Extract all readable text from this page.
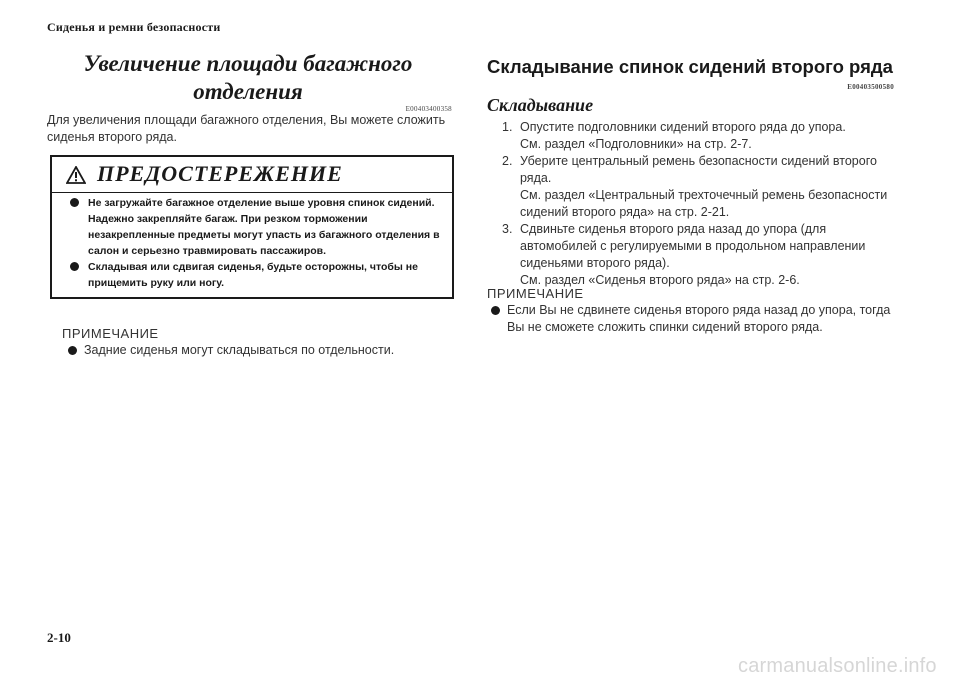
Сиденья и ремни безопасности
Увеличение площади багажного
отделения
E00403400358
Для увеличения площади багажного отделения, Вы можете сложить сиденья второго ряда.
ПРЕДОСТЕРЕЖЕНИЕ
Не загружайте багажное отделение выше уровня спинок сидений. Надежно закрепляйте багаж. При резком торможении незакрепленные предметы могут упасть из багажного отделения в салон и серьезно травмировать пассажиров.
Складывая или сдвигая сиденья, будьте осторожны, чтобы не прищемить руку или ногу.
ПРИМЕЧАНИЕ
Задние сиденья могут складываться по отдельности.
Складывание спинок сидений второго ряда
E00403500580
Складывание
1. Опустите подголовники сидений второго ряда до упора.
См. раздел «Подголовники» на стр. 2-7.
2. Уберите центральный ремень безопасности сидений второго ряда.
См. раздел «Центральный трехточечный ремень безопасности сидений второго ряда» на стр. 2-21.
3. Сдвиньте сиденья второго ряда назад до упора (для автомобилей с регулируемыми в продольном направлении сиденьями второго ряда).
См. раздел «Сиденья второго ряда» на стр. 2-6.
ПРИМЕЧАНИЕ
Если Вы не сдвинете сиденья второго ряда назад до упора, тогда Вы не сможете сложить спинки сидений второго ряда.
2-10
carmanualsonline.info
